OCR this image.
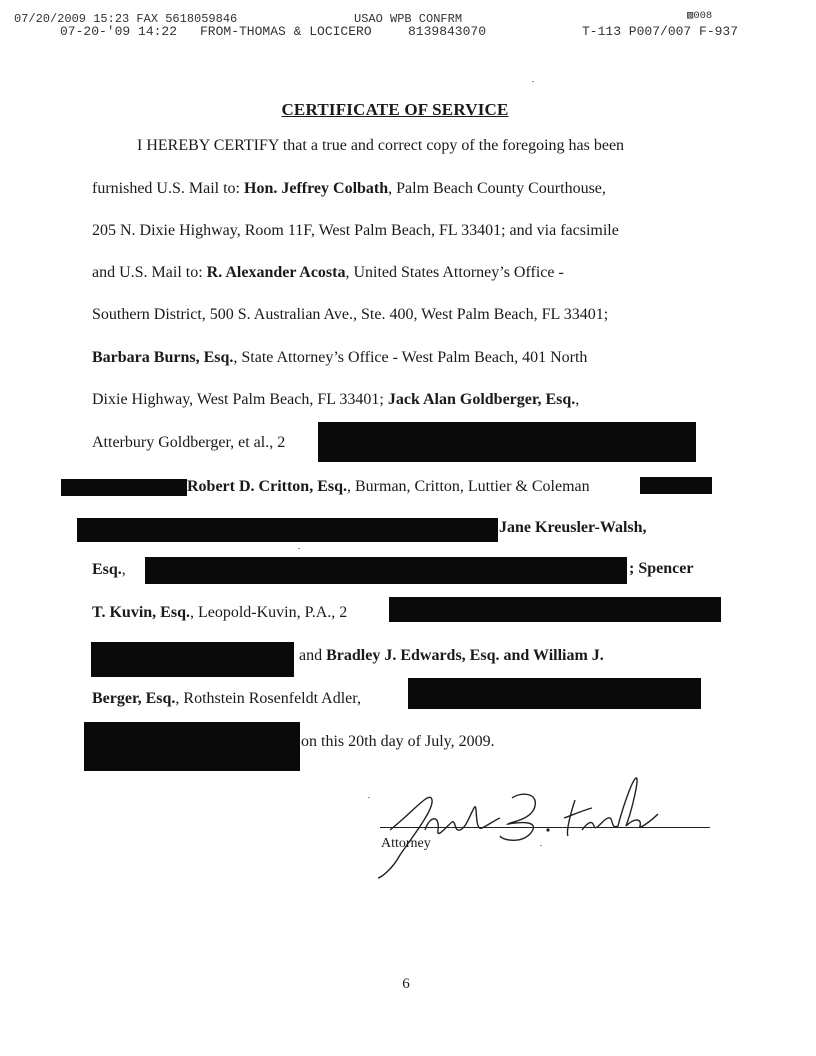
07/20/2009 15:23 FAX 5618059846	USAO WPB CONFRM	▧008
07-20-'09 14:22 FROM-THOMAS & LOCICERO	8139843070	T-113 P007/007 F-937
CERTIFICATE OF SERVICE
I HEREBY CERTIFY that a true and correct copy of the foregoing has been
furnished U.S. Mail to: Hon. Jeffrey Colbath, Palm Beach County Courthouse,
205 N. Dixie Highway, Room 11F, West Palm Beach, FL 33401; and via facsimile
and U.S. Mail to: R. Alexander Acosta, United States Attorney’s Office -
Southern District, 500 S. Australian Ave., Ste. 400, West Palm Beach, FL 33401;
Barbara Burns, Esq., State Attorney’s Office - West Palm Beach, 401 North
Dixie Highway, West Palm Beach, FL 33401; Jack Alan Goldberger, Esq.,
Atterbury Goldberger, et al., 2
Robert D. Critton, Esq., Burman, Critton, Luttier & Coleman
Jane Kreusler-Walsh,
Esq.,	; Spencer
T. Kuvin, Esq., Leopold-Kuvin, P.A., 2
and Bradley J. Edwards, Esq. and William J.
Berger, Esq., Rothstein Rosenfeldt Adler,
on this 20th day of July, 2009.
Attorney
6
